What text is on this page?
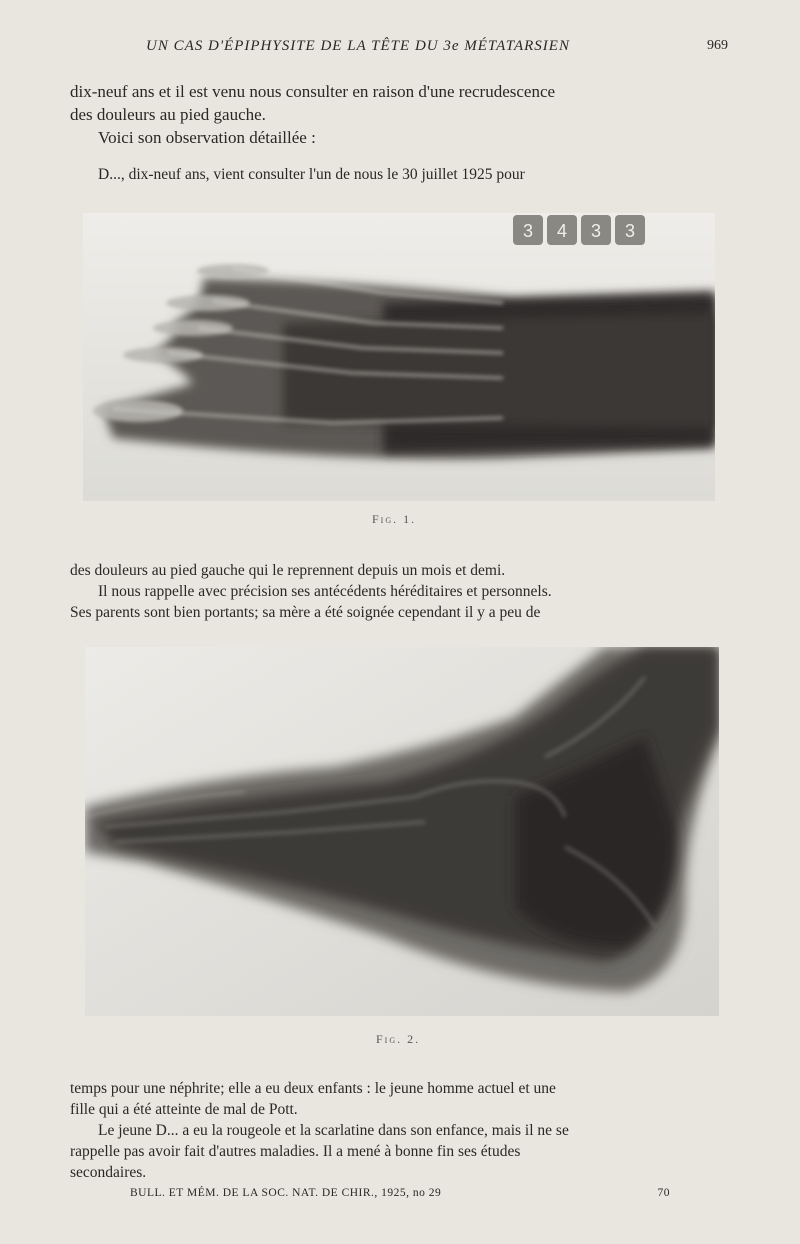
UN CAS D'ÉPIPHYSITE DE LA TÊTE DU 3e MÉTATARSIEN	969
dix-neuf ans et il est venu nous consulter en raison d'une recrudescence
des douleurs au pied gauche.
Voici son observation détaillée :
D..., dix-neuf ans, vient consulter l'un de nous le 30 juillet 1925 pour
3 4 3 3
Fig. 1.
des douleurs au pied gauche qui le reprennent depuis un mois et demi.
Il nous rappelle avec précision ses antécédents héréditaires et personnels.
Ses parents sont bien portants; sa mère a été soignée cependant il y a peu de
Fig. 2.
temps pour une néphrite; elle a eu deux enfants : le jeune homme actuel et une
fille qui a été atteinte de mal de Pott.
Le jeune D... a eu la rougeole et la scarlatine dans son enfance, mais il ne se
rappelle pas avoir fait d'autres maladies. Il a mené à bonne fin ses études
secondaires.
BULL. ET MÉM. DE LA SOC. NAT. DE CHIR., 1925, no 29	70
